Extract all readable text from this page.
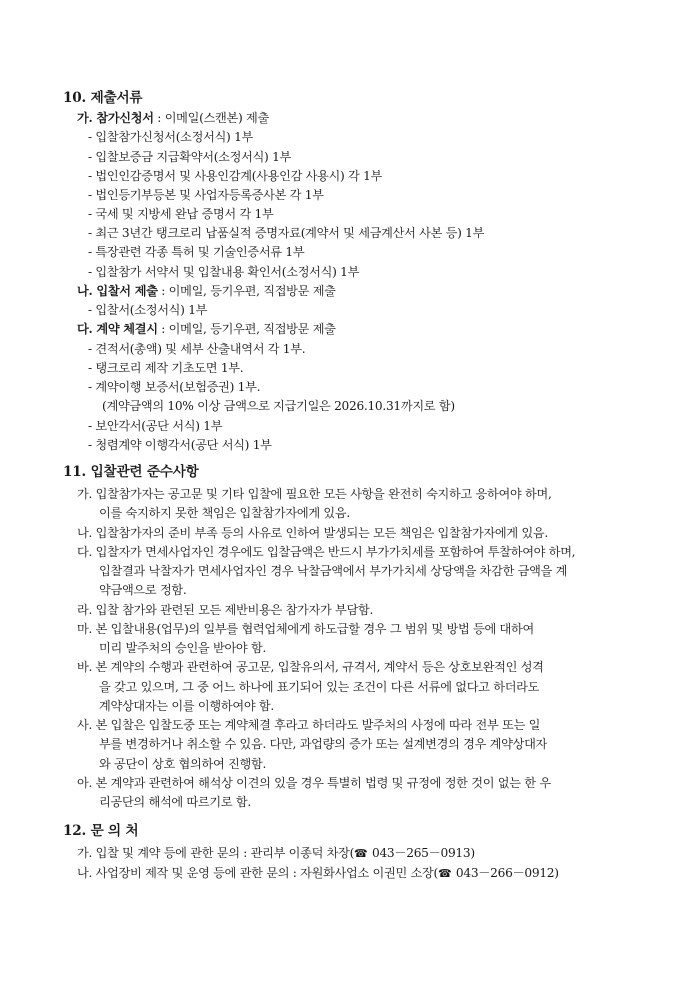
10. 제출서류
가. 참가신청서 : 이메일(스캔본) 제출
- 입찰참가신청서(소정서식) 1부
- 입찰보증금 지급확약서(소정서식) 1부
- 법인인감증명서 및 사용인감계(사용인감 사용시) 각 1부
- 법인등기부등본 및 사업자등록증사본 각 1부
- 국세 및 지방세 완납 증명서 각 1부
- 최근 3년간 탱크로리 납품실적 증명자료(계약서 및 세금계산서 사본 등) 1부
- 특장관련 각종 특허 및 기술인증서류 1부
- 입찰참가 서약서 및 입찰내용 확인서(소정서식) 1부
나. 입찰서 제출 : 이메일, 등기우편, 직접방문 제출
- 입찰서(소정서식) 1부
다. 계약 체결시 : 이메일, 등기우편, 직접방문 제출
- 견적서(총액) 및 세부 산출내역서 각 1부.
- 탱크로리 제작 기초도면 1부.
- 계약이행 보증서(보험증권) 1부.
(계약금액의 10% 이상 금액으로 지급기일은 2026.10.31까지로 함)
- 보안각서(공단 서식) 1부
- 청렴계약 이행각서(공단 서식) 1부
11. 입찰관련 준수사항
가. 입찰참가자는 공고문 및 기타 입찰에 필요한 모든 사항을 완전히 숙지하고 응하여야 하며,
이를 숙지하지 못한 책임은 입찰참가자에게 있음.
나. 입찰참가자의 준비 부족 등의 사유로 인하여 발생되는 모든 책임은 입찰참가자에게 있음.
다. 입찰자가 면세사업자인 경우에도 입찰금액은 반드시 부가가치세를 포함하여 투찰하여야 하며,
입찰결과 낙찰자가 면세사업자인 경우 낙찰금액에서 부가가치세 상당액을 차감한 금액을 계
약금액으로 정함.
라. 입찰 참가와 관련된 모든 제반비용은 참가자가 부담함.
마. 본 입찰내용(업무)의 일부를 협력업체에게 하도급할 경우 그 범위 및 방법 등에 대하여
미리 발주처의 승인을 받아야 함.
바. 본 계약의 수행과 관련하여 공고문, 입찰유의서, 규격서, 계약서 등은 상호보완적인 성격
을 갖고 있으며, 그 중 어느 하나에 표기되어 있는 조건이 다른 서류에 없다고 하더라도
계약상대자는 이를 이행하여야 함.
사. 본 입찰은 입찰도중 또는 계약체결 후라고 하더라도 발주처의 사정에 따라 전부 또는 일
부를 변경하거나 취소할 수 있음. 다만, 과업량의 증가 또는 설계변경의 경우 계약상대자
와 공단이 상호 협의하여 진행함.
아. 본 계약과 관련하여 해석상 이견의 있을 경우 특별히 법령 및 규정에 정한 것이 없는 한 우
리공단의 해석에 따르기로 함.
12. 문 의 처
가. 입찰 및 계약 등에 관한 문의 : 관리부 이종덕 차장(☎ 043－265－0913)
나. 사업장비 제작 및 운영 등에 관한 문의 : 자원화사업소 이권민 소장(☎ 043－266－0912)
